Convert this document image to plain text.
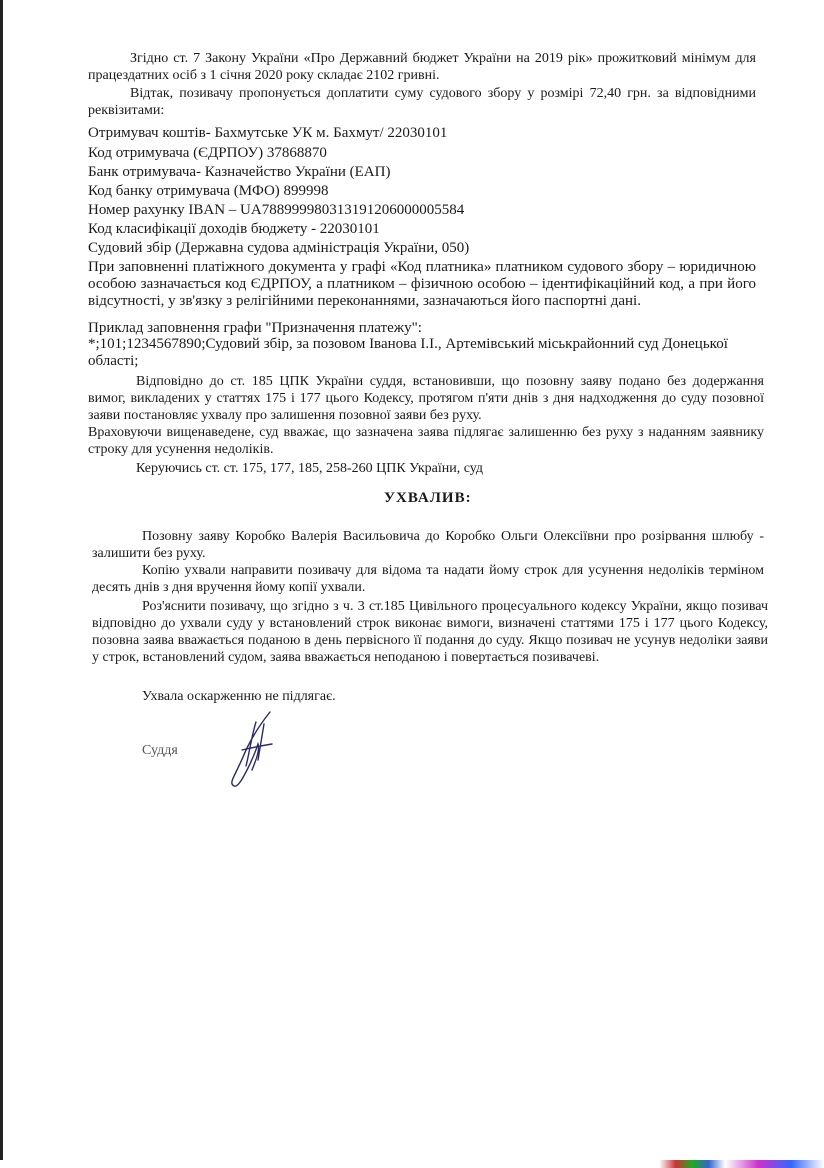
Згідно ст. 7 Закону України «Про Державний бюджет України на 2019 рік» прожитковий мінімум для працездатних осіб з 1 січня 2020 року складає 2102 гривні.
Відтак, позивачу пропонується доплатити суму судового збору у розмірі 72,40 грн. за відповідними реквізитами:
Отримувач коштів- Бахмутське УК м. Бахмут/ 22030101
Код отримувача (ЄДРПОУ) 37868870
Банк отримувача- Казначейство України (ЕАП)
Код банку отримувача (МФО) 899998
Номер рахунку IBAN – UA788999980313191206000005584
Код класифікації доходів бюджету - 22030101
Судовий збір (Державна судова адміністрація України, 050)
При заповненні платіжного документа у графі «Код платника» платником судового збору – юридичною особою зазначається код ЄДРПОУ, а платником – фізичною особою – ідентифікаційний код, а при його відсутності, у зв'язку з релігійними переконаннями, зазначаються його паспортні дані.
Приклад заповнення графи "Призначення платежу":
*;101;1234567890;Судовий збір, за позовом Іванова І.І., Артемівський міськрайонний суд Донецької області;
Відповідно до ст. 185 ЦПК України суддя, встановивши, що позовну заяву подано без додержання вимог, викладених у статтях 175 і 177 цього Кодексу, протягом п'яти днів з дня надходження до суду позовної заяви постановляє ухвалу про залишення позовної заяви без руху.
Враховуючи вищенаведене, суд вважає, що зазначена заява підлягає залишенню без руху з наданням заявнику строку для усунення недоліків.
Керуючись ст. ст. 175, 177, 185, 258-260 ЦПК України, суд
УХВАЛИВ:
Позовну заяву Коробко Валерія Васильовича до Коробко Ольги Олексіївни про розірвання шлюбу - залишити без руху.
Копію ухвали направити позивачу для відома та надати йому строк для усунення недоліків терміном десять днів з дня вручення йому копії ухвали.
Роз'яснити позивачу, що згідно з ч. 3 ст.185 Цивільного процесуального кодексу України, якщо позивач відповідно до ухвали суду у встановлений строк виконає вимоги, визначені статтями 175 і 177 цього Кодексу, позовна заява вважається поданою в день первісного її подання до суду. Якщо позивач не усунув недоліки заяви у строк, встановлений судом, заява вважається неподаною і повертається позивачеві.
Ухвала оскарженню не підлягає.
Суддя
